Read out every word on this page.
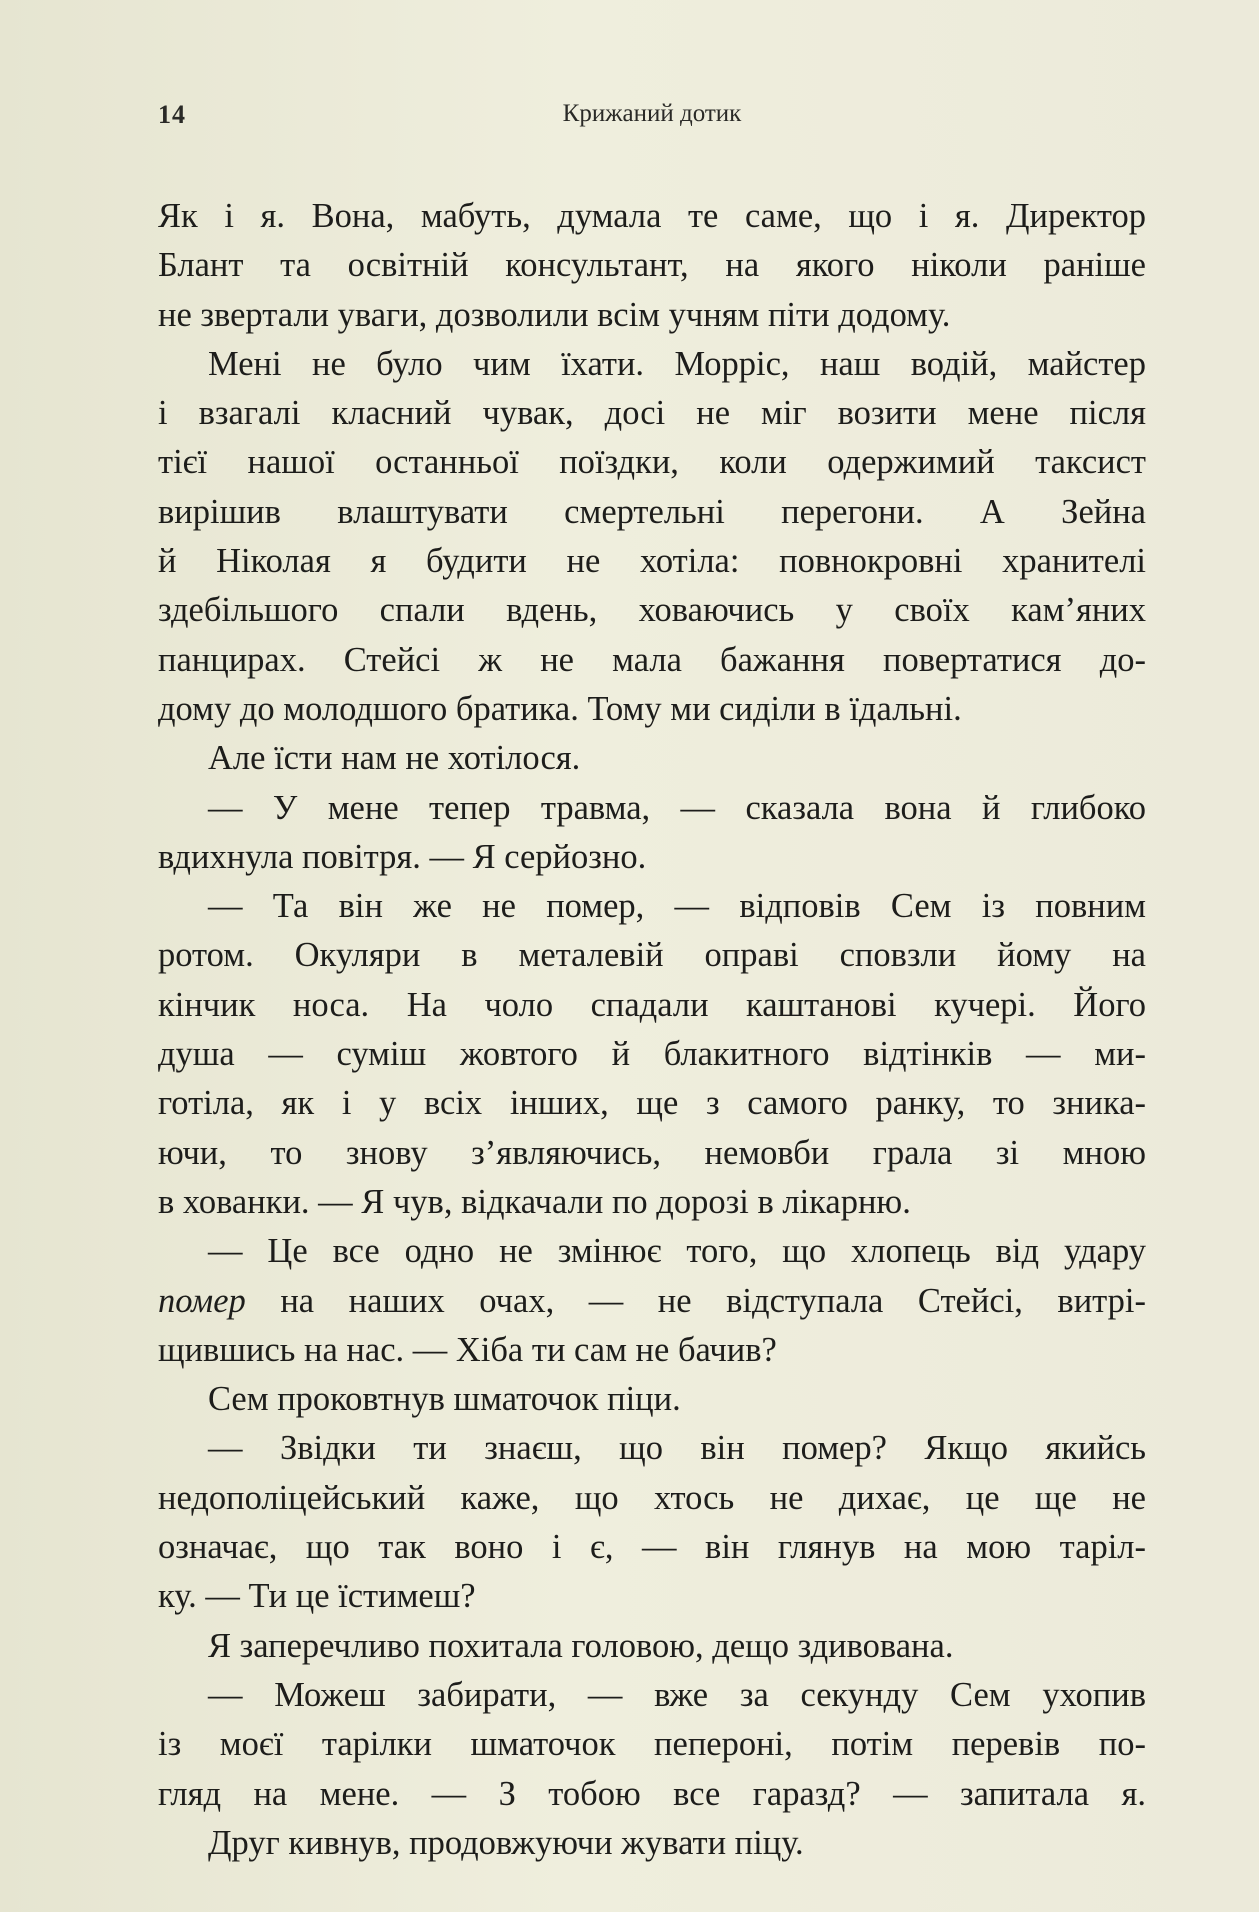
14	Крижаний дотик
Як і я. Вона, мабуть, думала те саме, що і я. Директор
Блант та освітній консультант, на якого ніколи раніше
не звертали уваги, дозволили всім учням піти додому.
Мені не було чим їхати. Морріс, наш водій, майстер
і взагалі класний чувак, досі не міг возити мене після
тієї нашої останньої поїздки, коли одержимий таксист
вирішив влаштувати смертельні перегони. А Зейна
й Ніколая я будити не хотіла: повнокровні хранителі
здебільшого спали вдень, ховаючись у своїх кам’яних
панцирах. Стейсі ж не мала бажання повертатися до-
дому до молодшого братика. Тому ми сиділи в їдальні.
Але їсти нам не хотілося.
— У мене тепер травма, — сказала вона й глибоко
вдихнула повітря. — Я серйозно.
— Та він же не помер, — відповів Сем із повним
ротом. Окуляри в металевій оправі сповзли йому на
кінчик носа. На чоло спадали каштанові кучері. Його
душа — суміш жовтого й блакитного відтінків — ми-
готіла, як і у всіх інших, ще з самого ранку, то зника-
ючи, то знову з’являючись, немовби грала зі мною
в хованки. — Я чув, відкачали по дорозі в лікарню.
— Це все одно не змінює того, що хлопець від удару
помер на наших очах, — не відступала Стейсі, витрі-
щившись на нас. — Хіба ти сам не бачив?
Сем проковтнув шматочок піци.
— Звідки ти знаєш, що він помер? Якщо якийсь
недополіцейський каже, що хтось не дихає, це ще не
означає, що так воно і є, — він глянув на мою таріл-
ку. — Ти це їстимеш?
Я заперечливо похитала головою, дещо здивована.
— Можеш забирати, — вже за секунду Сем ухопив
із моєї тарілки шматочок пепероні, потім перевів по-
гляд на мене. — З тобою все гаразд? — запитала я.
Друг кивнув, продовжуючи жувати піцу.
